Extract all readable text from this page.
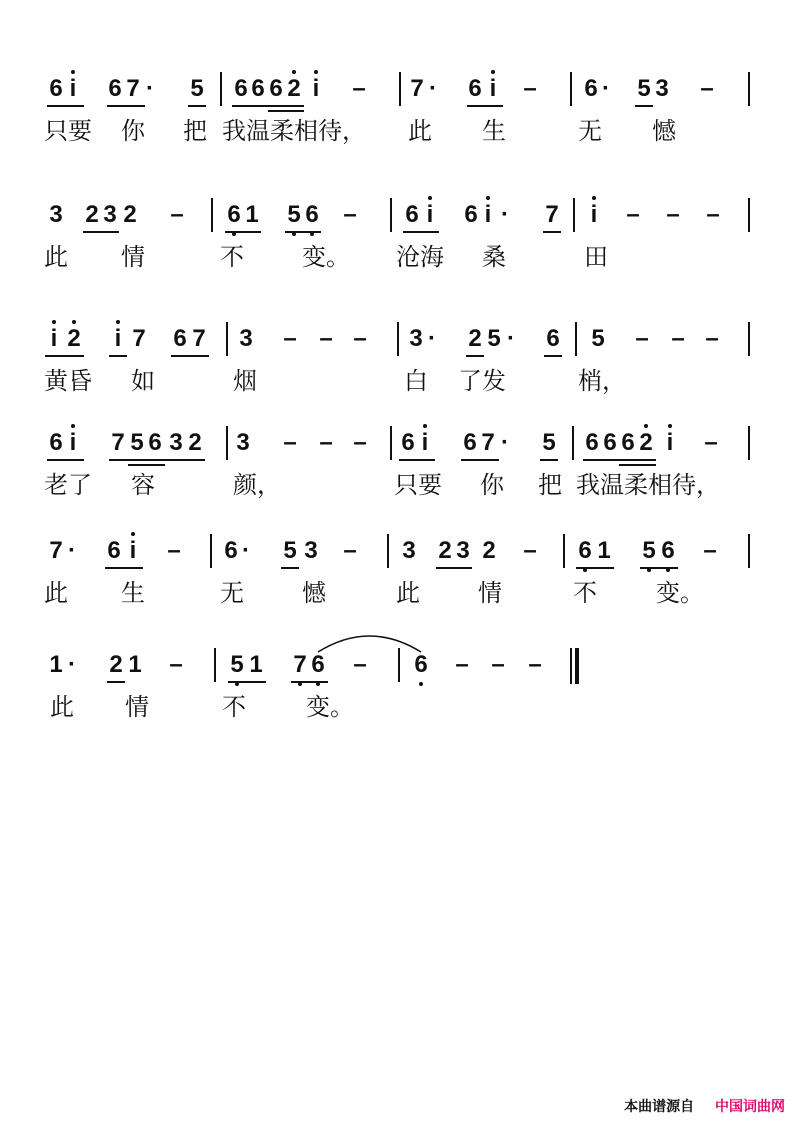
6 i 6 7 · 5 6 6 6 2 i – 7 · 6 i – 6 · 5 3 –
只要 你 把 我温柔相待， 此 生	无 憾
3 2 3 2 – 6 1 5 6 – 6 i 6 i · 7 i – – –
此 情	不 变。 沧海 桑	田
i 2 i 7 6 7 3 – – – 3 · 2 5 · 6 5 – – –
黄昏 如	烟	白 了发	梢，
6 i 7 5 6 3 2 3 – – – 6 i 6 7 · 5 6 6 6 2 i –
老了 容	颜，	只要 你 把 我温柔相待，
7 · 6 i – 6 · 5 3 – 3 2 3 2 – 6 1 5 6 –
此 生	无 憾	此 情	不 变。
1 · 2 1 – 5 1 7 6 – 6 – – –
此 情	不	变。
本曲谱源自 中国词曲网
